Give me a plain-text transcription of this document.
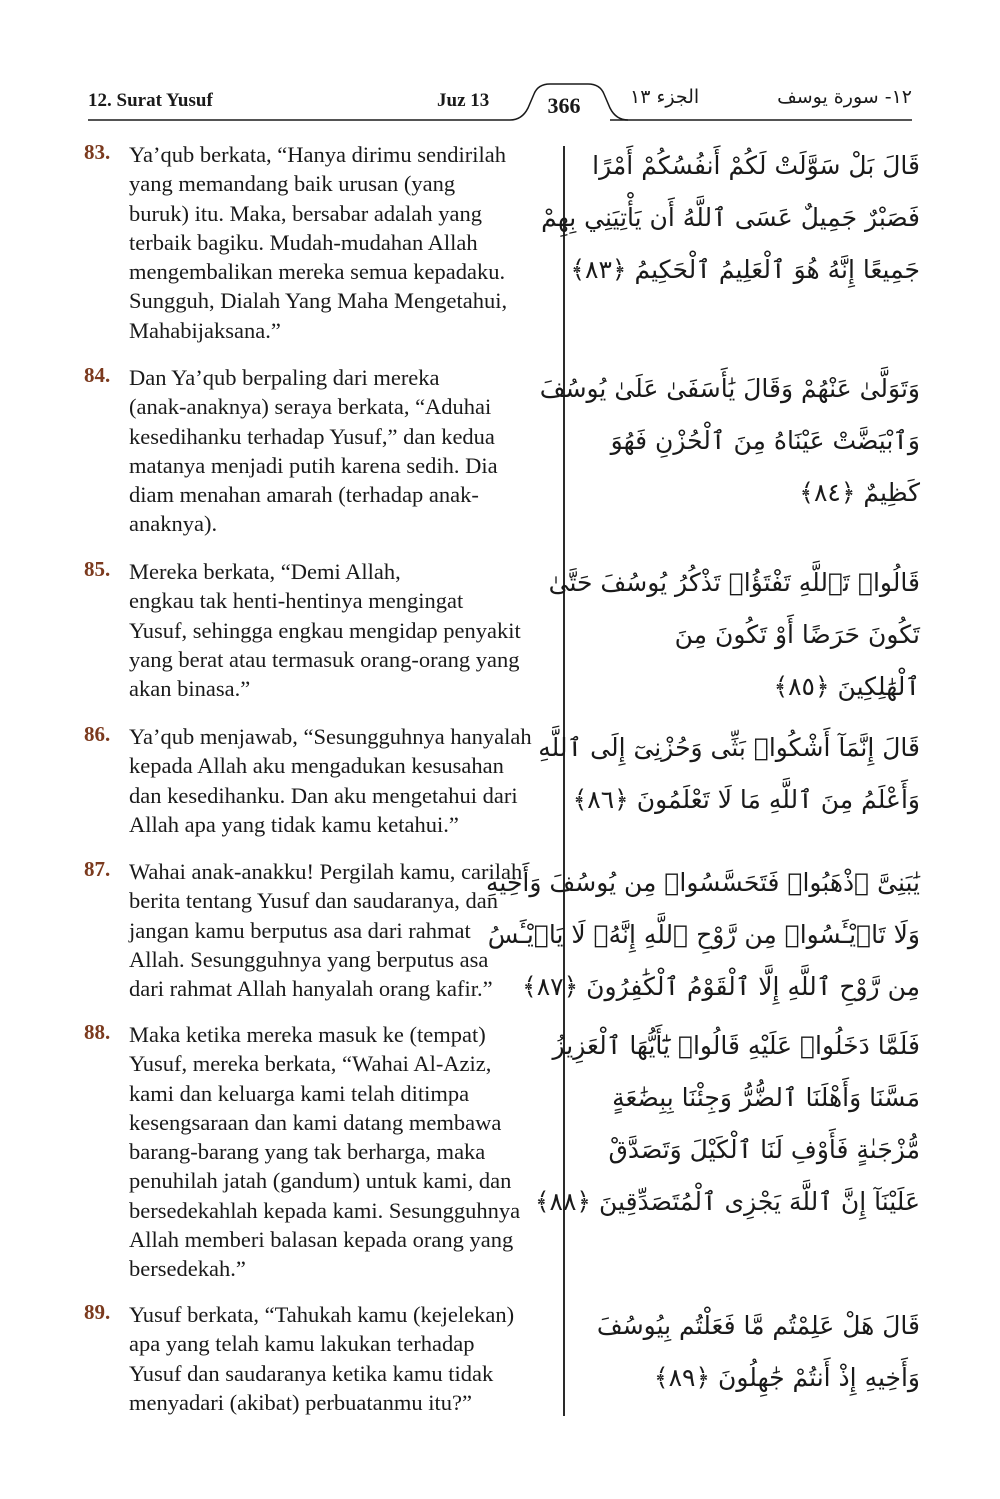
12. Surat Yusuf	Juz 13	366	الجزء ١٣	١٢- سورة يوسف
83. Ya’qub berkata, “Hanya dirimu sendirilah
yang memandang baik urusan (yang
buruk) itu. Maka, bersabar adalah yang
terbaik bagiku. Mudah-mudahan Allah
mengembalikan mereka semua kepadaku.
Sungguh, Dialah Yang Maha Mengetahui,
Mahabijaksana.”
قَالَ بَلْ سَوَّلَتْ لَكُمْ أَنفُسُكُمْ أَمْرًا
فَصَبْرٌ جَمِيلٌ عَسَى ٱللَّهُ أَن يَأْتِيَنِي بِهِمْ
جَمِيعًا إِنَّهُ هُوَ ٱلْعَلِيمُ ٱلْحَكِيمُ ﴿٨٣﴾
84. Dan Ya’qub berpaling dari mereka
(anak-anaknya) seraya berkata, “Aduhai
kesedihanku terhadap Yusuf,” dan kedua
matanya menjadi putih karena sedih. Dia
diam menahan amarah (terhadap anak-
anaknya).
وَتَوَلَّىٰ عَنْهُمْ وَقَالَ يَٰأَسَفَىٰ عَلَىٰ يُوسُفَ
وَٱبْيَضَّتْ عَيْنَاهُ مِنَ ٱلْحُزْنِ فَهُوَ
كَظِيمٌ ﴿٨٤﴾
85. Mereka berkata, “Demi Allah,
engkau tak henti-hentinya mengingat
Yusuf, sehingga engkau mengidap penyakit
yang berat atau termasuk orang-orang yang
akan binasa.”
قَالُوا۟ تَٱللَّهِ تَفْتَؤُا۟ تَذْكُرُ يُوسُفَ حَتَّىٰ
تَكُونَ حَرَضًا أَوْ تَكُونَ مِنَ
ٱلْهَٰلِكِينَ ﴿٨٥﴾
86. Ya’qub menjawab, “Sesungguhnya hanyalah
kepada Allah aku mengadukan kesusahan
dan kesedihanku. Dan aku mengetahui dari
Allah apa yang tidak kamu ketahui.”
قَالَ إِنَّمَآ أَشْكُوا۟ بَثِّى وَحُزْنِىٓ إِلَى ٱللَّهِ
وَأَعْلَمُ مِنَ ٱللَّهِ مَا لَا تَعْلَمُونَ ﴿٨٦﴾
87. Wahai anak-anakku! Pergilah kamu, carilah
berita tentang Yusuf dan saudaranya, dan
jangan kamu berputus asa dari rahmat
Allah. Sesungguhnya yang berputus asa
dari rahmat Allah hanyalah orang kafir.”
يَٰبَنِىَّ ٱذْهَبُوا۟ فَتَحَسَّسُوا۟ مِن يُوسُفَ وَأَخِيهِ
وَلَا تَا۟يْـَٔسُوا۟ مِن رَّوْحِ ٱللَّهِ إِنَّهُۥ لَا يَا۟يْـَٔسُ
مِن رَّوْحِ ٱللَّهِ إِلَّا ٱلْقَوْمُ ٱلْكَٰفِرُونَ ﴿٨٧﴾
88. Maka ketika mereka masuk ke (tempat)
Yusuf, mereka berkata, “Wahai Al-Aziz,
kami dan keluarga kami telah ditimpa
kesengsaraan dan kami datang membawa
barang-barang yang tak berharga, maka
penuhilah jatah (gandum) untuk kami, dan
bersedekahlah kepada kami. Sesungguhnya
Allah memberi balasan kepada orang yang
bersedekah.”
فَلَمَّا دَخَلُوا۟ عَلَيْهِ قَالُوا۟ يَٰٓأَيُّهَا ٱلْعَزِيزُ
مَسَّنَا وَأَهْلَنَا ٱلضُّرُّ وَجِئْنَا بِبِضَٰعَةٍ
مُّزْجَىٰةٍ فَأَوْفِ لَنَا ٱلْكَيْلَ وَتَصَدَّقْ
عَلَيْنَآ إِنَّ ٱللَّهَ يَجْزِى ٱلْمُتَصَدِّقِينَ ﴿٨٨﴾
89. Yusuf berkata, “Tahukah kamu (kejelekan)
apa yang telah kamu lakukan terhadap
Yusuf dan saudaranya ketika kamu tidak
menyadari (akibat) perbuatanmu itu?”
قَالَ هَلْ عَلِمْتُم مَّا فَعَلْتُم بِيُوسُفَ
وَأَخِيهِ إِذْ أَنتُمْ جَٰهِلُونَ ﴿٨٩﴾
